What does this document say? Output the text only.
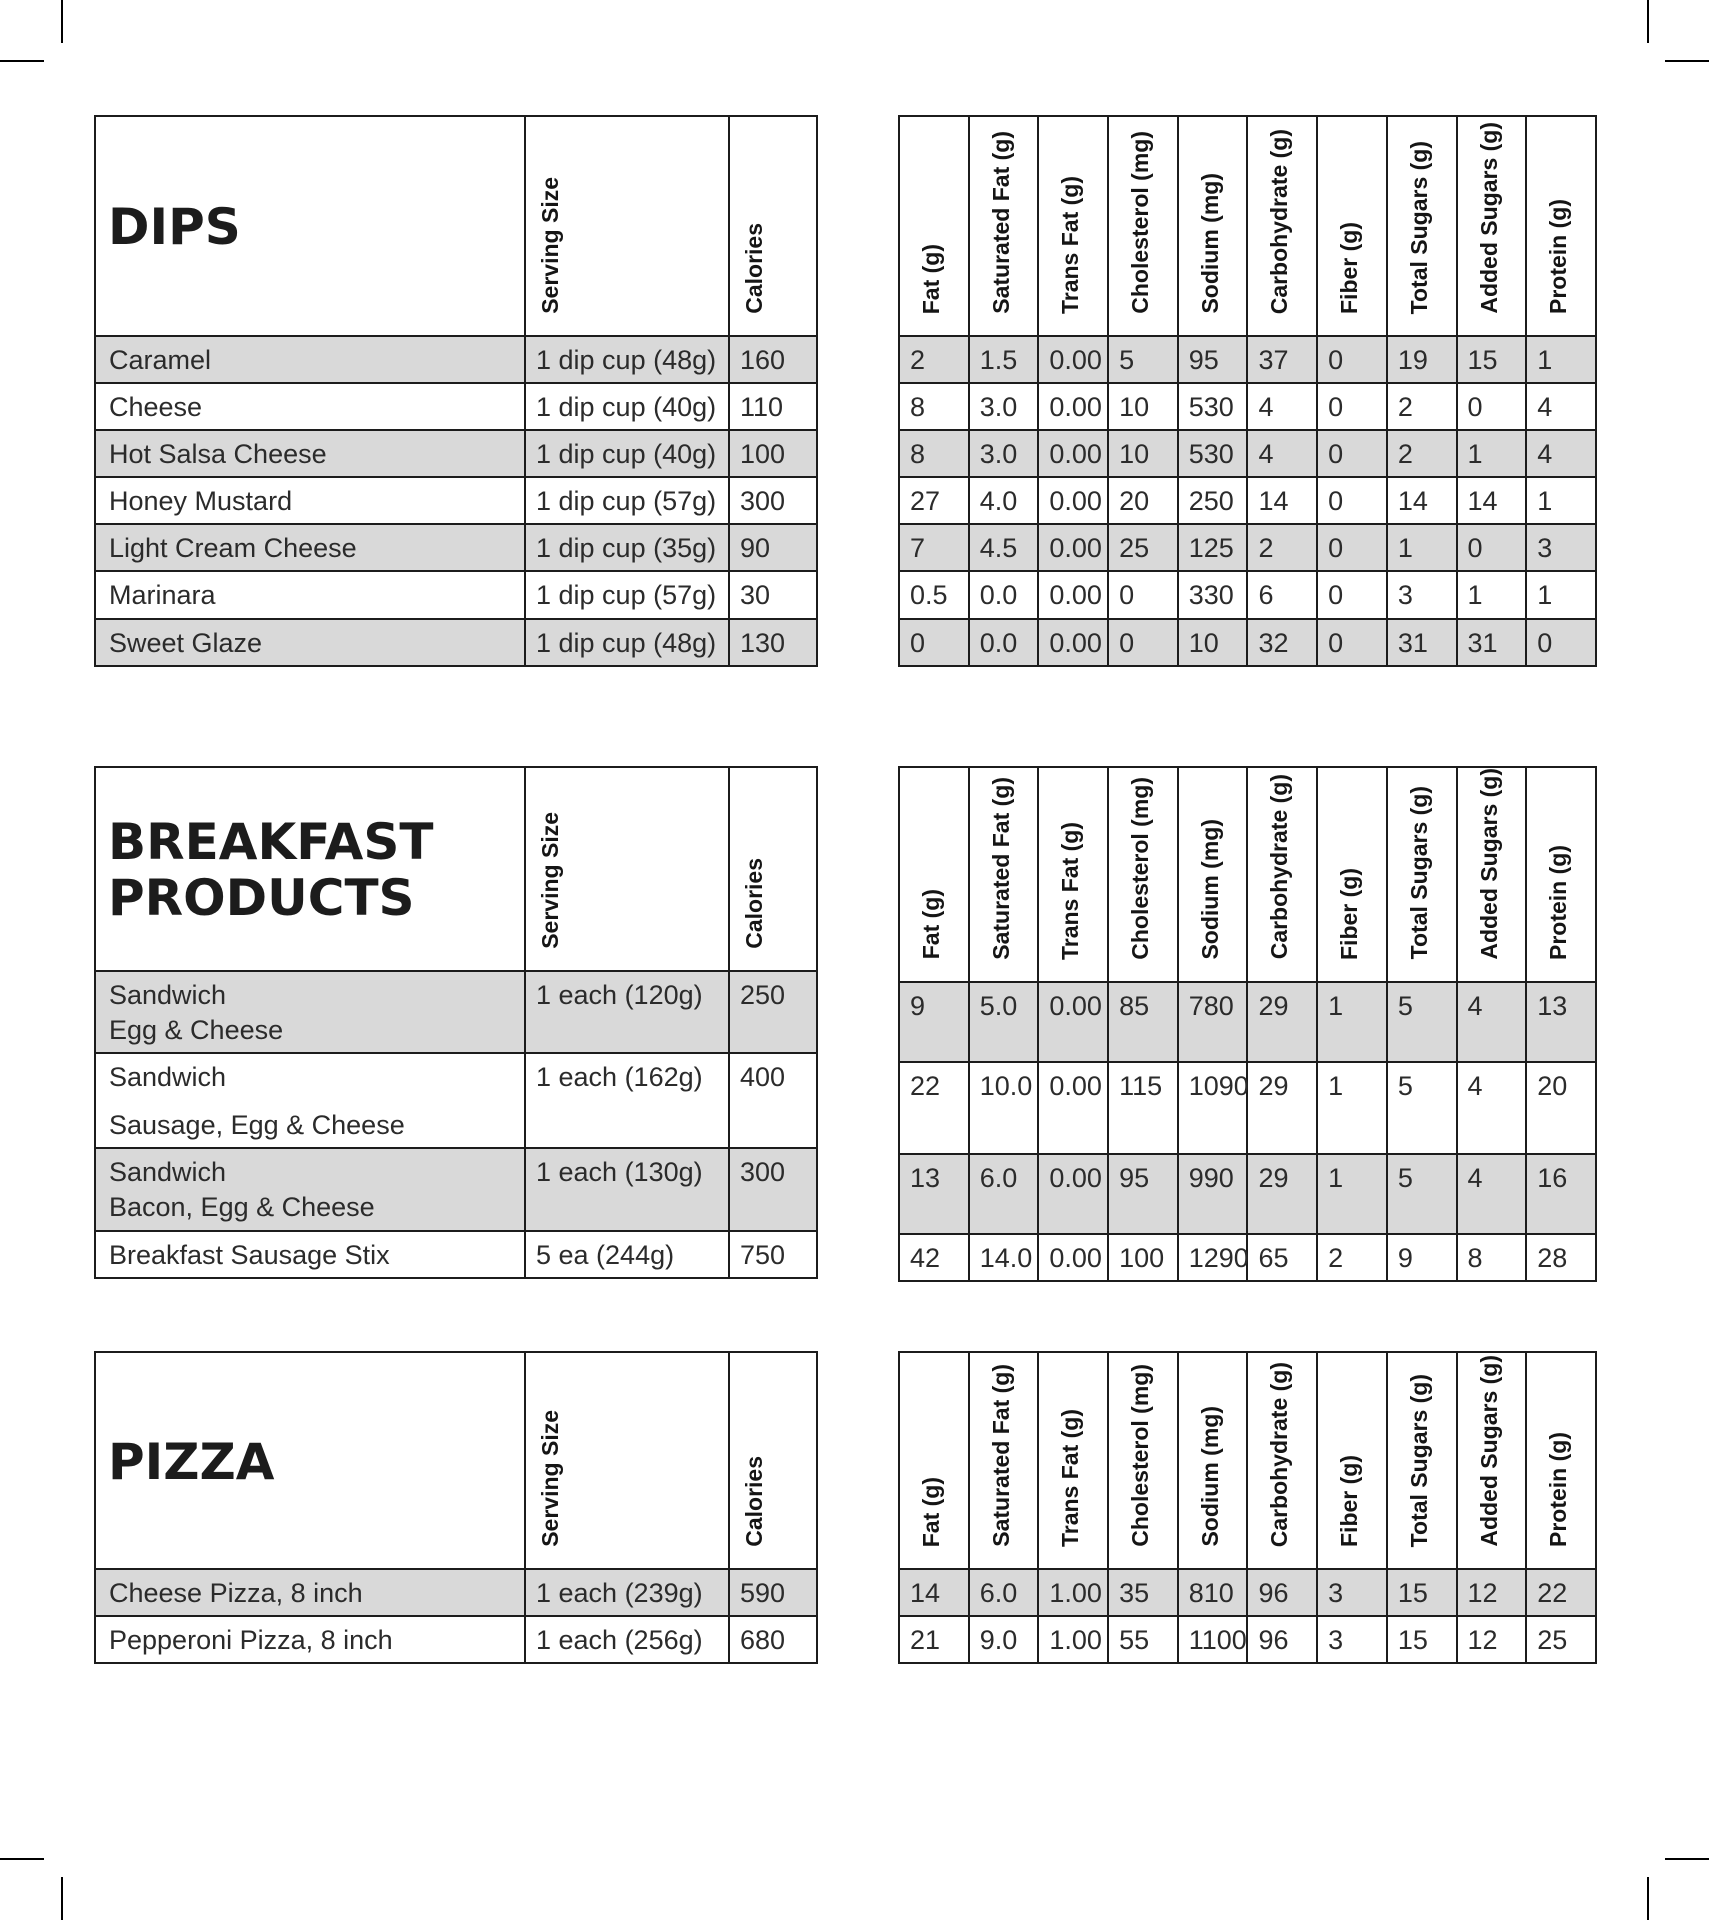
DIPS	Serving Size	Calories
Caramel	1 dip cup (48g)	160
Cheese	1 dip cup (40g)	110
Hot Salsa Cheese	1 dip cup (40g)	100
Honey Mustard	1 dip cup (57g)	300
Light Cream Cheese	1 dip cup (35g)	90
Marinara	1 dip cup (57g)	30
Sweet Glaze	1 dip cup (48g)	130
Fat (g)	Saturated Fat (g)	Trans Fat (g)	Cholesterol (mg)	Sodium (mg)	Carbohydrate (g)	Fiber (g)	Total Sugars (g)	Added Sugars (g)	Protein (g)
2	1.5	0.00	5	95	37	0	19	15	1
8	3.0	0.00	10	530	4	0	2	0	4
8	3.0	0.00	10	530	4	0	2	1	4
27	4.0	0.00	20	250	14	0	14	14	1
7	4.5	0.00	25	125	2	0	1	0	3
0.5	0.0	0.00	0	330	6	0	3	1	1
0	0.0	0.00	0	10	32	0	31	31	0
BREAKFAST PRODUCTS	Serving Size	Calories

Sandwich
Egg & Cheese	1 each (120g)	250

Sandwich
Sausage, Egg & Cheese	1 each (162g)	400

Sandwich
Bacon, Egg & Cheese	1 each (130g)	300
Breakfast Sausage Stix	5 ea (244g)	750
Fat (g)	Saturated Fat (g)	Trans Fat (g)	Cholesterol (mg)	Sodium (mg)	Carbohydrate (g)	Fiber (g)	Total Sugars (g)	Added Sugars (g)	Protein (g)
9	5.0	0.00	85	780	29	1	5	4	13
22	10.0	0.00	115	1090	29	1	5	4	20
13	6.0	0.00	95	990	29	1	5	4	16
42	14.0	0.00	100	1290	65	2	9	8	28
PIZZA	Serving Size	Calories
Cheese Pizza, 8 inch	1 each (239g)	590
Pepperoni Pizza, 8 inch	1 each (256g)	680
Fat (g)	Saturated Fat (g)	Trans Fat (g)	Cholesterol (mg)	Sodium (mg)	Carbohydrate (g)	Fiber (g)	Total Sugars (g)	Added Sugars (g)	Protein (g)
14	6.0	1.00	35	810	96	3	15	12	22
21	9.0	1.00	55	1100	96	3	15	12	25
